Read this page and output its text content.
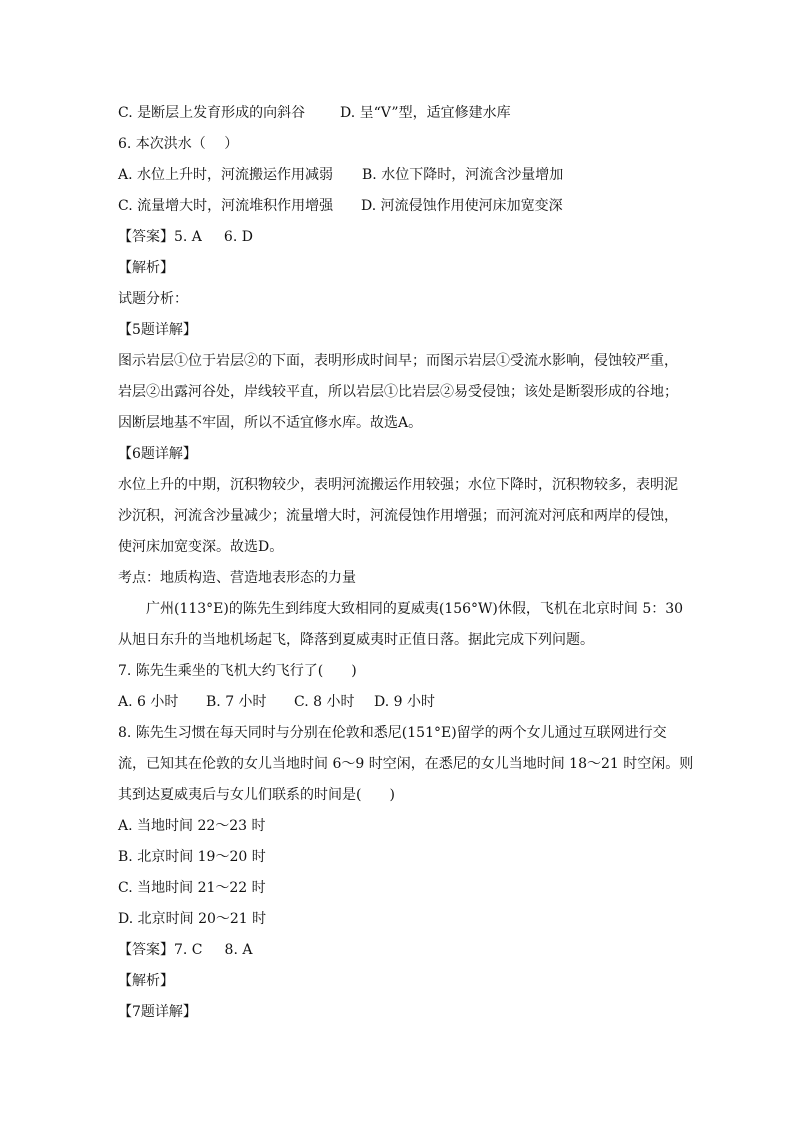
C. 是断层上发育形成的向斜谷 D. 呈“V”型，适宜修建水库
6. 本次洪水（　 ）
A. 水位上升时，河流搬运作用减弱 B. 水位下降时，河流含沙量增加
C. 流量增大时，河流堆积作用增强 D. 河流侵蚀作用使河床加宽变深
【答案】5. A 6. D
【解析】
试题分析：
【5题详解】
图示岩层①位于岩层②的下面，表明形成时间早；而图示岩层①受流水影响，侵蚀较严重，
岩层②出露河谷处，岸线较平直，所以岩层①比岩层②易受侵蚀；该处是断裂形成的谷地；
因断层地基不牢固，所以不适宜修水库。故选A。
【6题详解】
水位上升的中期，沉积物较少，表明河流搬运作用较强；水位下降时，沉积物较多，表明泥
沙沉积，河流含沙量减少；流量增大时，河流侵蚀作用增强；而河流对河底和两岸的侵蚀，
使河床加宽变深。故选D。
考点：地质构造、营造地表形态的力量
广州(113°E)的陈先生到纬度大致相同的夏威夷(156°W)休假，飞机在北京时间 5：30
从旭日东升的当地机场起飞，降落到夏威夷时正值日落。据此完成下列问题。
7. 陈先生乘坐的飞机大约飞行了(　　)
A. 6 小时 B. 7 小时 C. 8 小时 D. 9 小时
8. 陈先生习惯在每天同时与分别在伦敦和悉尼(151°E)留学的两个女儿通过互联网进行交
流，已知其在伦敦的女儿当地时间 6～9 时空闲，在悉尼的女儿当地时间 18～21 时空闲。则
其到达夏威夷后与女儿们联系的时间是(　　)
A. 当地时间 22～23 时
B. 北京时间 19～20 时
C. 当地时间 21～22 时
D. 北京时间 20～21 时
【答案】7. C 8. A
【解析】
【7题详解】
